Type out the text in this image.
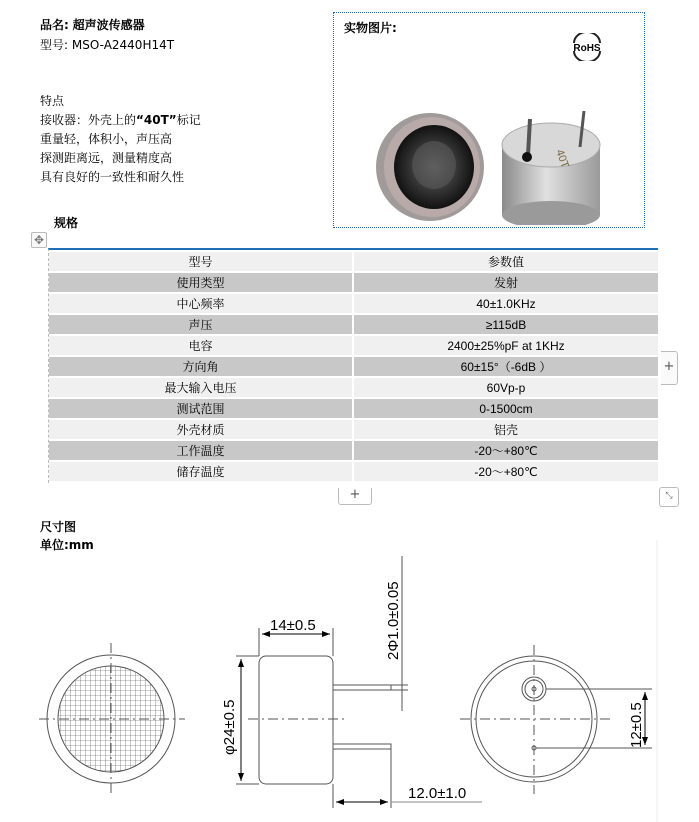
品名: 超声波传感器
型号: MSO-A2440H14T
特点
接收器：外壳上的“40T”标记
重量轻，体积小，声压高
探测距离远，测量精度高
具有良好的一致性和耐久性
实物图片:
RoHS
40T
规格
✥
型号	参数值
使用类型	发射
中心频率	40±1.0KHz
声压	≥115dB
电容	2400±25%pF at 1KHz
方向角	60±15°（-6dB ）
最大输入电压	60Vp-p
测试范围	0-1500cm
外壳材质	铝壳
工作温度	-20～+80℃
储存温度	-20～+80℃
+
+	⤡
尺寸图
单位:mm
14±0.5
φ24±0.5
2Φ1.0±0.05
12.0±1.0
12±0.5
